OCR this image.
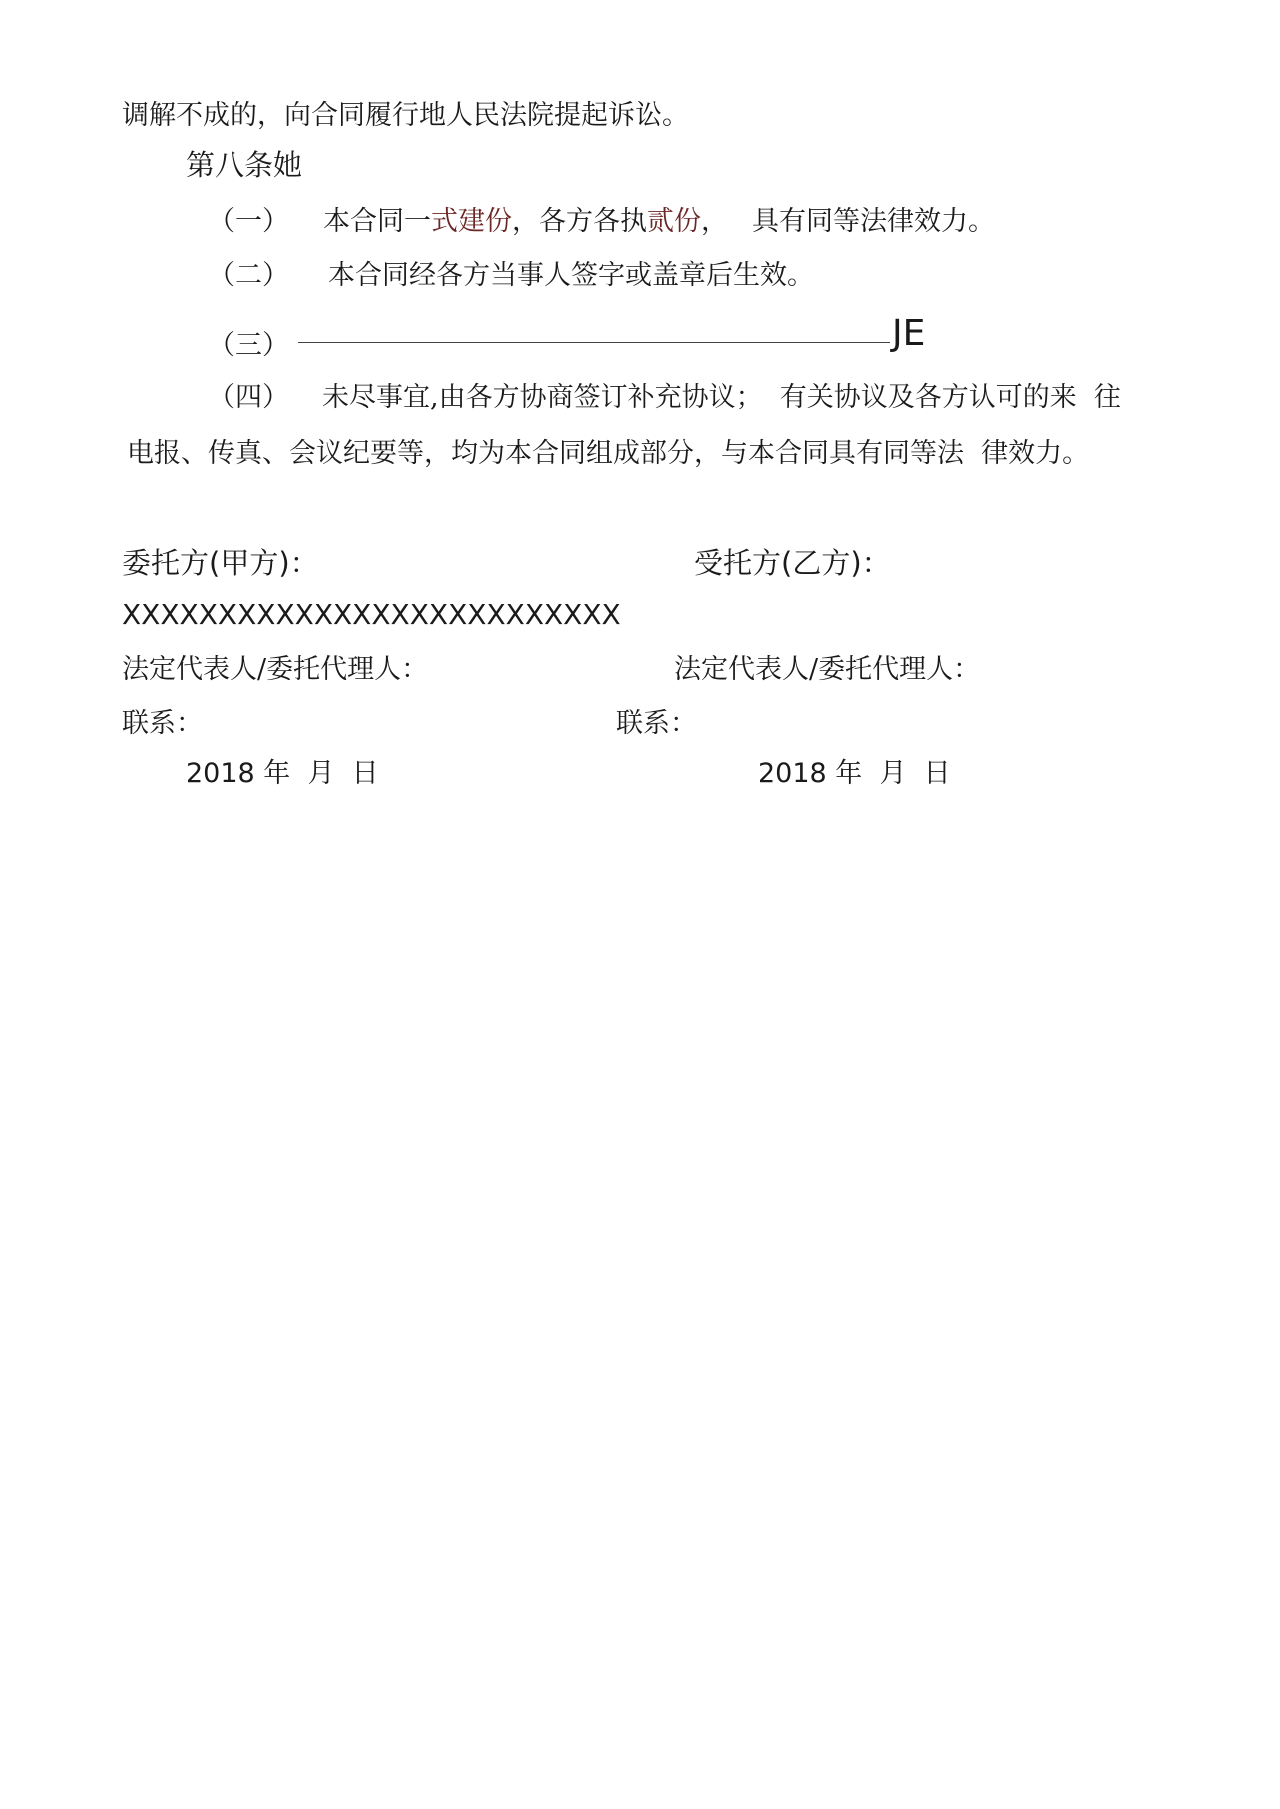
调解不成的，向合同履行地人民法院提起诉讼。
第八条她
（一） 本合同一式建份，各方各执贰份， 具有同等法律效力。
（二） 本合同经各方当事人签字或盖章后生效。
（三）	JE
（四） 未尽事宜,由各方协商签订补充协议；  有关协议及各方认可的来  往
电报、传真、会议纪要等，均为本合同组成部分，与本合同具有同等法  律效力。
委托方(甲方)：
XXXXXXXXXXXXXXXXXXXXXXXXXX
法定代表人/委托代理人：
联系：
2018 年  月  日
受托方(乙方)：
法定代表人/委托代理人：
联系：
2018 年  月  日
